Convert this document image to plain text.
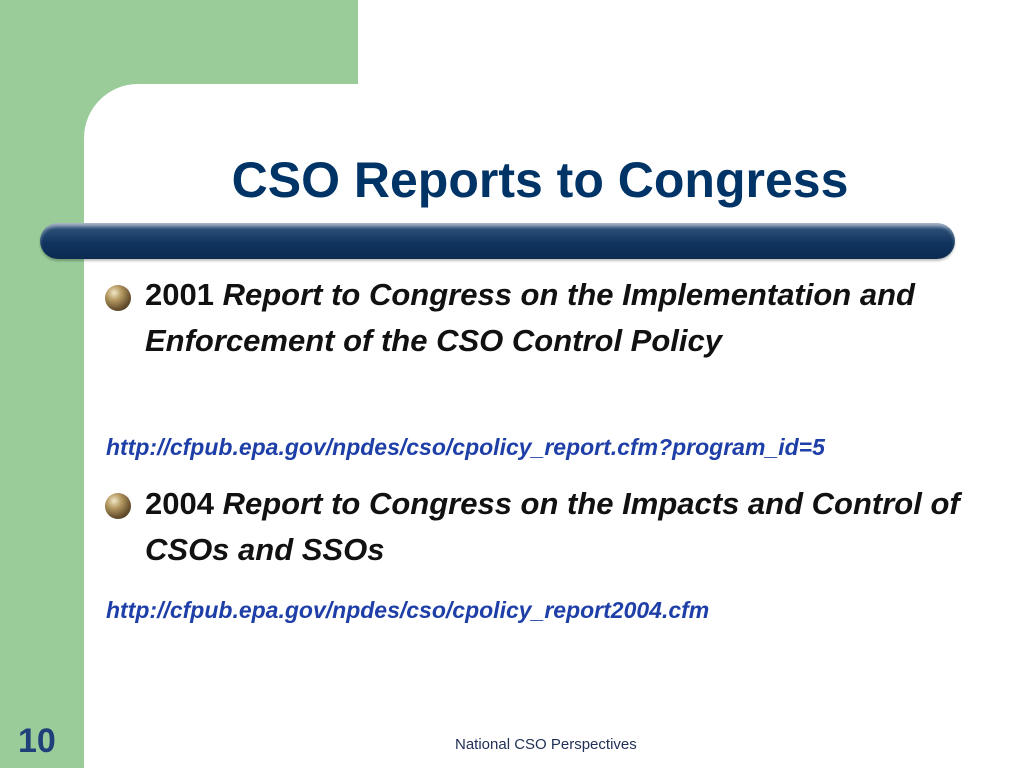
CSO Reports to Congress
2001 Report to Congress on the Implementation and Enforcement of the CSO Control Policy
http://cfpub.epa.gov/npdes/cso/cpolicy_report.cfm?program_id=5
2004 Report to Congress on the Impacts and Control of CSOs and SSOs
http://cfpub.epa.gov/npdes/cso/cpolicy_report2004.cfm
10	National CSO Perspectives
